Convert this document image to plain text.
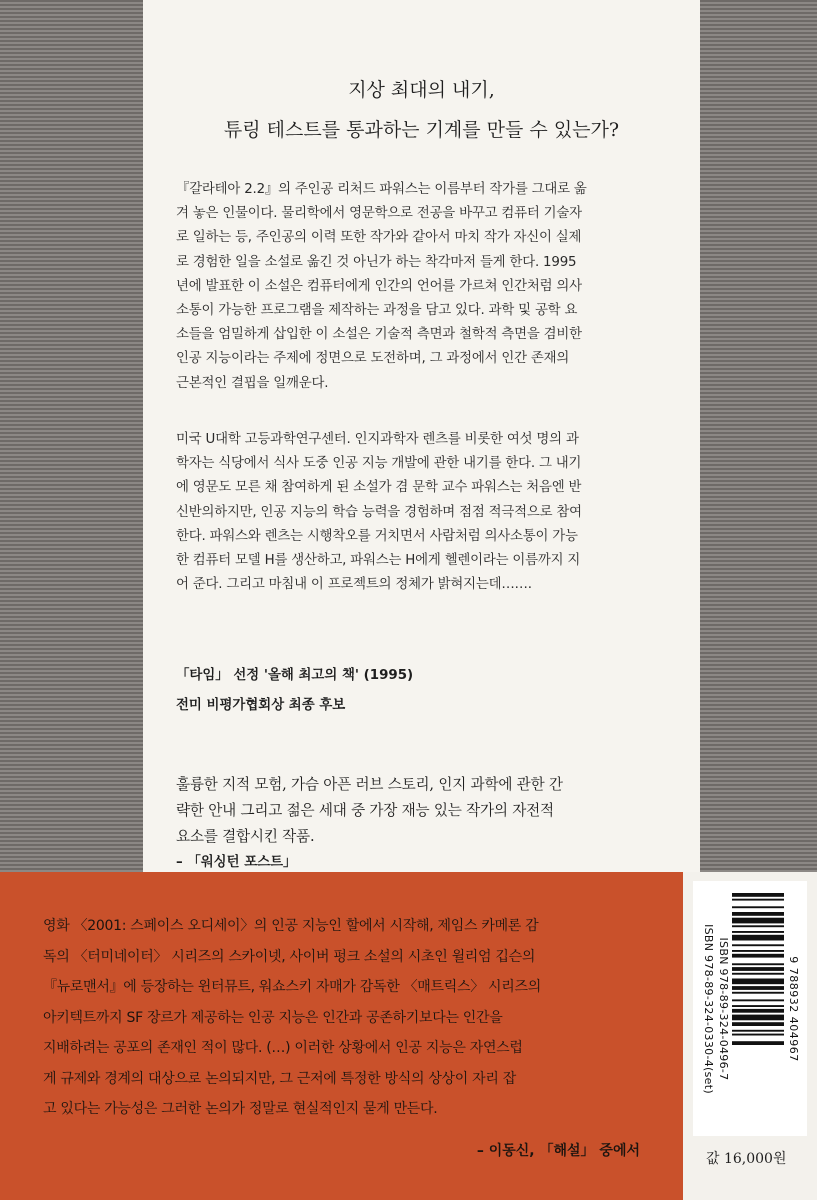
지상 최대의 내기,
튜링 테스트를 통과하는 기계를 만들 수 있는가?
『갈라테아 2.2』의 주인공 리처드 파워스는 이름부터 작가를 그대로 옮
겨 놓은 인물이다. 물리학에서 영문학으로 전공을 바꾸고 컴퓨터 기술자
로 일하는 등, 주인공의 이력 또한 작가와 같아서 마치 작가 자신이 실제
로 경험한 일을 소설로 옮긴 것 아닌가 하는 착각마저 들게 한다. 1995
년에 발표한 이 소설은 컴퓨터에게 인간의 언어를 가르쳐 인간처럼 의사
소통이 가능한 프로그램을 제작하는 과정을 담고 있다. 과학 및 공학 요
소들을 엄밀하게 삽입한 이 소설은 기술적 측면과 철학적 측면을 겸비한
인공 지능이라는 주제에 정면으로 도전하며, 그 과정에서 인간 존재의
근본적인 결핍을 일깨운다.
미국 U대학 고등과학연구센터. 인지과학자 렌츠를 비롯한 여섯 명의 과
학자는 식당에서 식사 도중 인공 지능 개발에 관한 내기를 한다. 그 내기
에 영문도 모른 채 참여하게 된 소설가 겸 문학 교수 파워스는 처음엔 반
신반의하지만, 인공 지능의 학습 능력을 경험하며 점점 적극적으로 참여
한다. 파워스와 렌츠는 시행착오를 거치면서 사람처럼 의사소통이 가능
한 컴퓨터 모델 H를 생산하고, 파워스는 H에게 헬렌이라는 이름까지 지
어 준다. 그리고 마침내 이 프로젝트의 정체가 밝혀지는데…….
「타임」 선정 '올해 최고의 책' (1995)
전미 비평가협회상 최종 후보
훌륭한 지적 모험, 가슴 아픈 러브 스토리, 인지 과학에 관한 간
략한 안내 그리고 젊은 세대 중 가장 재능 있는 작가의 자전적
요소를 결합시킨 작품.
– 「워싱턴 포스트」
영화 〈2001: 스페이스 오디세이〉의 인공 지능인 할에서 시작해, 제임스 카메론 감
독의 〈터미네이터〉 시리즈의 스카이넷, 사이버 펑크 소설의 시초인 윌리엄 깁슨의
『뉴로맨서』에 등장하는 윈터뮤트, 워쇼스키 자매가 감독한 〈매트릭스〉 시리즈의
아키텍트까지 SF 장르가 제공하는 인공 지능은 인간과 공존하기보다는 인간을
지배하려는 공포의 존재인 적이 많다. (…) 이러한 상황에서 인공 지능은 자연스럽
게 규제와 경계의 대상으로 논의되지만, 그 근저에 특정한 방식의 상상이 자리 잡
고 있다는 가능성은 그러한 논의가 정말로 현실적인지 묻게 만든다.
– 이동신, 「해설」 중에서
9 788932 404967
ISBN 978-89-324-0496-7
ISBN 978-89-324-0330-4(set)
값 16,000원
